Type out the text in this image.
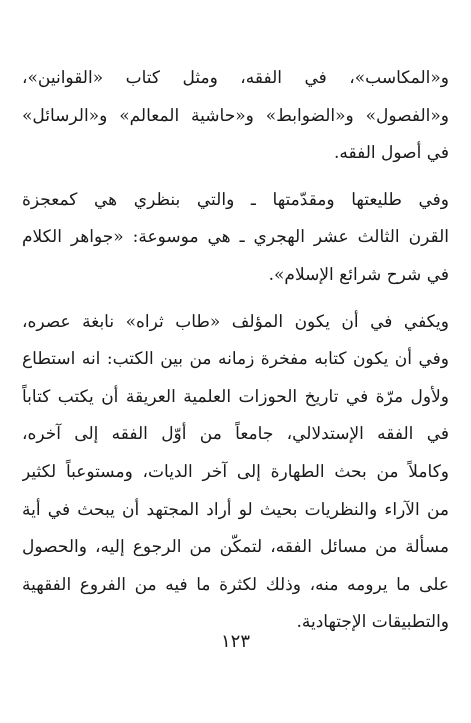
و«المكاسب»، في الفقه، ومثل كتاب «القوانين»،
و«الفصول» و«الضوابط» و«حاشية المعالم» و«الرسائل»
في أصول الفقه.
وفي طليعتها ومقدّمتها ـ والتي بنظري هي كمعجزة
القرن الثالث عشر الهجري ـ هي موسوعة: «جواهر الكلام
في شرح شرائع الإسلام».
ويكفي في أن يكون المؤلف «طاب ثراه» نابغة عصره،
وفي أن يكون كتابه مفخرة زمانه من بين الكتب: انه استطاع
ولأول مرّة في تاريخ الحوزات العلمية العريقة أن يكتب كتاباً
في الفقه الإستدلالي، جامعاً من أوّل الفقه إلى آخره،
وكاملاً من بحث الطهارة إلى آخر الديات، ومستوعباً لكثير
من الآراء والنظريات بحيث لو أراد المجتهد أن يبحث في أية
مسألة من مسائل الفقه، لتمكّن من الرجوع إليه، والحصول
على ما يرومه منه، وذلك لكثرة ما فيه من الفروع الفقهية
والتطبيقات الإجتهادية.
١٢٣
